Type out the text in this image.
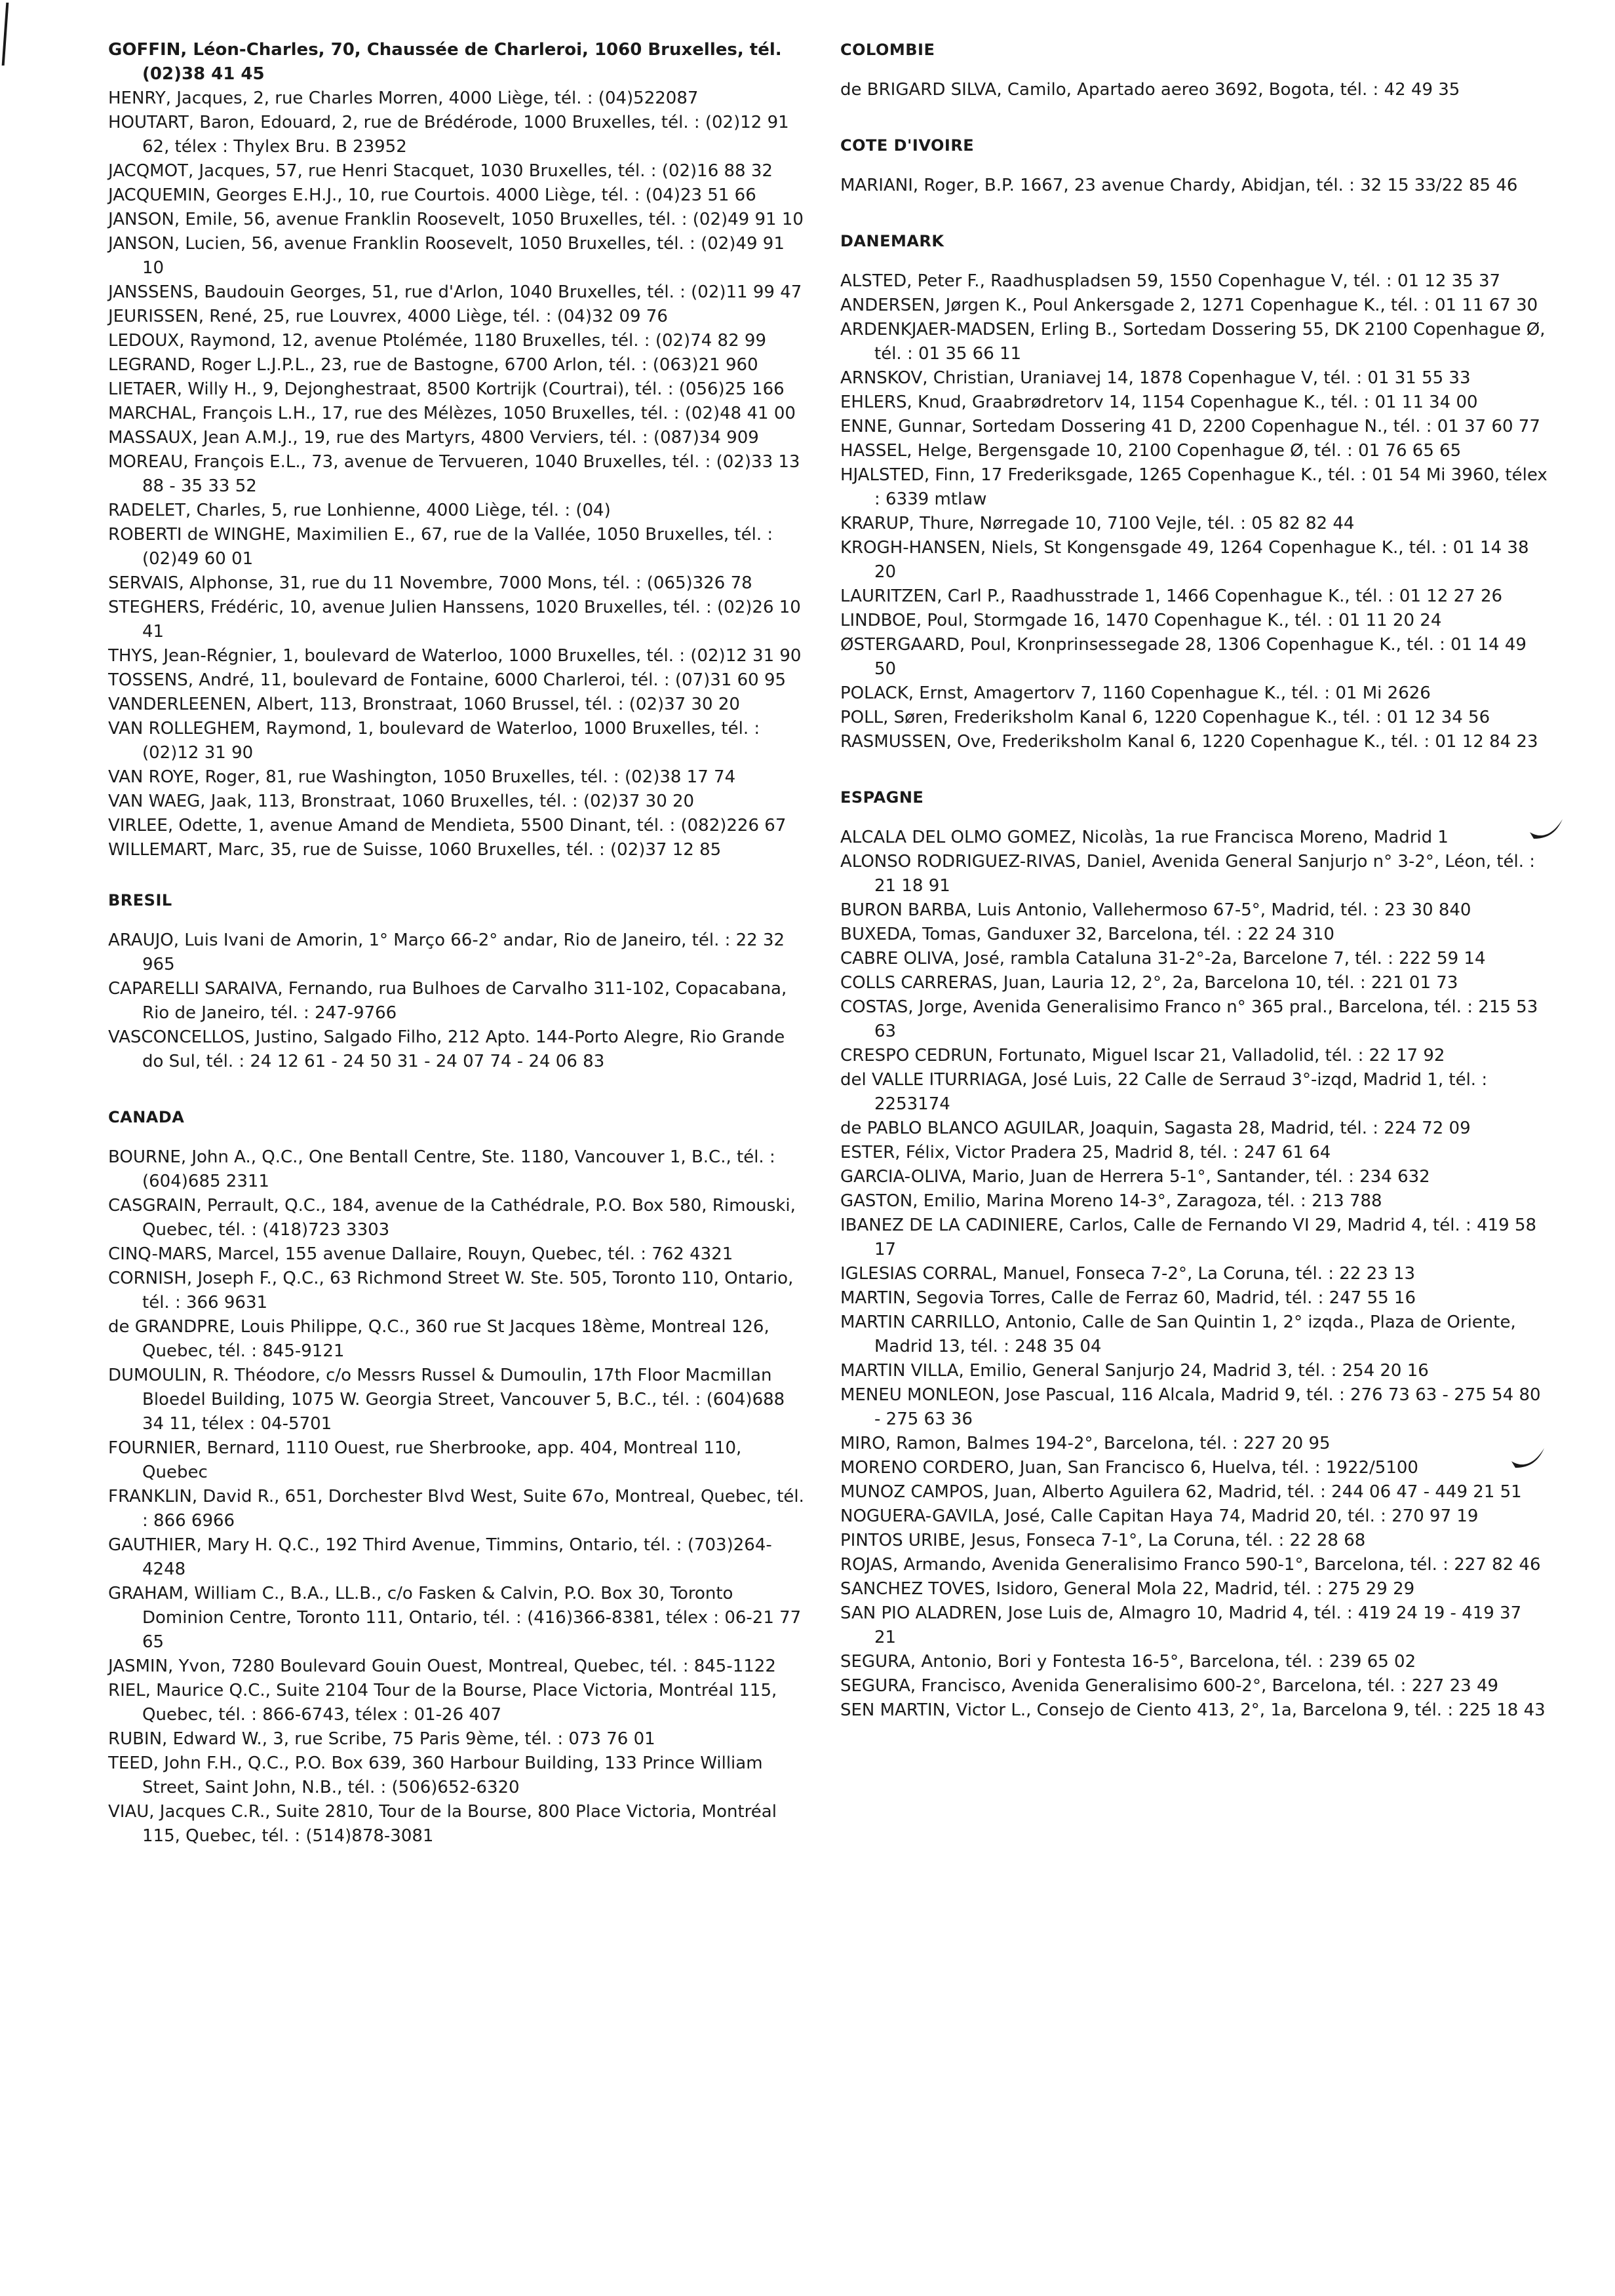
GOFFIN, Léon-Charles, 70, Chaussée de Charleroi, 1060 Bruxelles, tél. (02)38 41 45
HENRY, Jacques, 2, rue Charles Morren, 4000 Liège, tél. : (04)522087
HOUTART, Baron, Edouard, 2, rue de Brédérode, 1000 Bruxelles, tél. : (02)12 91 62, télex : Thylex Bru. B 23952
JACQMOT, Jacques, 57, rue Henri Stacquet, 1030 Bruxelles, tél. : (02)16 88 32
JACQUEMIN, Georges E.H.J., 10, rue Courtois. 4000 Liège, tél. : (04)23 51 66
JANSON, Emile, 56, avenue Franklin Roosevelt, 1050 Bruxelles, tél. : (02)49 91 10
JANSON, Lucien, 56, avenue Franklin Roosevelt, 1050 Bruxelles, tél. : (02)49 91 10
JANSSENS, Baudouin Georges, 51, rue d'Arlon, 1040 Bruxelles, tél. : (02)11 99 47
JEURISSEN, René, 25, rue Louvrex, 4000 Liège, tél. : (04)32 09 76
LEDOUX, Raymond, 12, avenue Ptolémée, 1180 Bruxelles, tél. : (02)74 82 99
LEGRAND, Roger L.J.P.L., 23, rue de Bastogne, 6700 Arlon, tél. : (063)21 960
LIETAER, Willy H., 9, Dejonghestraat, 8500 Kortrijk (Courtrai), tél. : (056)25 166
MARCHAL, François L.H., 17, rue des Mélèzes, 1050 Bruxelles, tél. : (02)48 41 00
MASSAUX, Jean A.M.J., 19, rue des Martyrs, 4800 Verviers, tél. : (087)34 909
MOREAU, François E.L., 73, avenue de Tervueren, 1040 Bruxelles, tél. : (02)33 13 88 - 35 33 52
RADELET, Charles, 5, rue Lonhienne, 4000 Liège, tél. : (04)
ROBERTI de WINGHE, Maximilien E., 67, rue de la Vallée, 1050 Bruxelles, tél. : (02)49 60 01
SERVAIS, Alphonse, 31, rue du 11 Novembre, 7000 Mons, tél. : (065)326 78
STEGHERS, Frédéric, 10, avenue Julien Hanssens, 1020 Bruxelles, tél. : (02)26 10 41
THYS, Jean-Régnier, 1, boulevard de Waterloo, 1000 Bruxelles, tél. : (02)12 31 90
TOSSENS, André, 11, boulevard de Fontaine, 6000 Charleroi, tél. : (07)31 60 95
VANDERLEENEN, Albert, 113, Bronstraat, 1060 Brussel, tél. : (02)37 30 20
VAN ROLLEGHEM, Raymond, 1, boulevard de Waterloo, 1000 Bruxelles, tél. : (02)12 31 90
VAN ROYE, Roger, 81, rue Washington, 1050 Bruxelles, tél. : (02)38 17 74
VAN WAEG, Jaak, 113, Bronstraat, 1060 Bruxelles, tél. : (02)37 30 20
VIRLEE, Odette, 1, avenue Amand de Mendieta, 5500 Dinant, tél. : (082)226 67
WILLEMART, Marc, 35, rue de Suisse, 1060 Bruxelles, tél. : (02)37 12 85
BRESIL
ARAUJO, Luis Ivani de Amorin, 1° Março 66-2° andar, Rio de Janeiro, tél. : 22 32 965
CAPARELLI SARAIVA, Fernando, rua Bulhoes de Carvalho 311-102, Copacabana, Rio de Janeiro, tél. : 247-9766
VASCONCELLOS, Justino, Salgado Filho, 212 Apto. 144-Porto Alegre, Rio Grande do Sul, tél. : 24 12 61 - 24 50 31 - 24 07 74 - 24 06 83
CANADA
BOURNE, John A., Q.C., One Bentall Centre, Ste. 1180, Vancouver 1, B.C., tél. : (604)685 2311
CASGRAIN, Perrault, Q.C., 184, avenue de la Cathédrale, P.O. Box 580, Rimouski, Quebec, tél. : (418)723 3303
CINQ-MARS, Marcel, 155 avenue Dallaire, Rouyn, Quebec, tél. : 762 4321
CORNISH, Joseph F., Q.C., 63 Richmond Street W. Ste. 505, Toronto 110, Ontario, tél. : 366 9631
de GRANDPRE, Louis Philippe, Q.C., 360 rue St Jacques 18ème, Montreal 126, Quebec, tél. : 845-9121
DUMOULIN, R. Théodore, c/o Messrs Russel & Dumoulin, 17th Floor Macmillan Bloedel Building, 1075 W. Georgia Street, Vancouver 5, B.C., tél. : (604)688 34 11, télex : 04-5701
FOURNIER, Bernard, 1110 Ouest, rue Sherbrooke, app. 404, Montreal 110, Quebec
FRANKLIN, David R., 651, Dorchester Blvd West, Suite 67o, Montreal, Quebec, tél. : 866 6966
GAUTHIER, Mary H. Q.C., 192 Third Avenue, Timmins, Ontario, tél. : (703)264-4248
GRAHAM, William C., B.A., LL.B., c/o Fasken & Calvin, P.O. Box 30, Toronto Dominion Centre, Toronto 111, Ontario, tél. : (416)366-8381, télex : 06-21 77 65
JASMIN, Yvon, 7280 Boulevard Gouin Ouest, Montreal, Quebec, tél. : 845-1122
RIEL, Maurice Q.C., Suite 2104 Tour de la Bourse, Place Victoria, Montréal 115, Quebec, tél. : 866-6743, télex : 01-26 407
RUBIN, Edward W., 3, rue Scribe, 75 Paris 9ème, tél. : 073 76 01
TEED, John F.H., Q.C., P.O. Box 639, 360 Harbour Building, 133 Prince William Street, Saint John, N.B., tél. : (506)652-6320
VIAU, Jacques C.R., Suite 2810, Tour de la Bourse, 800 Place Victoria, Montréal 115, Quebec, tél. : (514)878-3081
COLOMBIE
de BRIGARD SILVA, Camilo, Apartado aereo 3692, Bogota, tél. : 42 49 35
COTE D'IVOIRE
MARIANI, Roger, B.P. 1667, 23 avenue Chardy, Abidjan, tél. : 32 15 33/22 85 46
DANEMARK
ALSTED, Peter F., Raadhuspladsen 59, 1550 Copenhague V, tél. : 01 12 35 37
ANDERSEN, Jørgen K., Poul Ankersgade 2, 1271 Copenhague K., tél. : 01 11 67 30
ARDENKJAER-MADSEN, Erling B., Sortedam Dossering 55, DK 2100 Copenhague Ø, tél. : 01 35 66 11
ARNSKOV, Christian, Uraniavej 14, 1878 Copenhague V, tél. : 01 31 55 33
EHLERS, Knud, Graabrødretorv 14, 1154 Copenhague K., tél. : 01 11 34 00
ENNE, Gunnar, Sortedam Dossering 41 D, 2200 Copenhague N., tél. : 01 37 60 77
HASSEL, Helge, Bergensgade 10, 2100 Copenhague Ø, tél. : 01 76 65 65
HJALSTED, Finn, 17 Frederiksgade, 1265 Copenhague K., tél. : 01 54 Mi 3960, télex : 6339 mtlaw
KRARUP, Thure, Nørregade 10, 7100 Vejle, tél. : 05 82 82 44
KROGH-HANSEN, Niels, St Kongensgade 49, 1264 Copenhague K., tél. : 01 14 38 20
LAURITZEN, Carl P., Raadhusstrade 1, 1466 Copenhague K., tél. : 01 12 27 26
LINDBOE, Poul, Stormgade 16, 1470 Copenhague K., tél. : 01 11 20 24
ØSTERGAARD, Poul, Kronprinsessegade 28, 1306 Copenhague K., tél. : 01 14 49 50
POLACK, Ernst, Amagertorv 7, 1160 Copenhague K., tél. : 01 Mi 2626
POLL, Søren, Frederiksholm Kanal 6, 1220 Copenhague K., tél. : 01 12 34 56
RASMUSSEN, Ove, Frederiksholm Kanal 6, 1220 Copenhague K., tél. : 01 12 84 23
ESPAGNE
ALCALA DEL OLMO GOMEZ, Nicolàs, 1a rue Francisca Moreno, Madrid 1
ALONSO RODRIGUEZ-RIVAS, Daniel, Avenida General Sanjurjo n° 3-2°, Léon, tél. : 21 18 91
BURON BARBA, Luis Antonio, Vallehermoso 67-5°, Madrid, tél. : 23 30 840
BUXEDA, Tomas, Ganduxer 32, Barcelona, tél. : 22 24 310
CABRE OLIVA, José, rambla Cataluna 31-2°-2a, Barcelone 7, tél. : 222 59 14
COLLS CARRERAS, Juan, Lauria 12, 2°, 2a, Barcelona 10, tél. : 221 01 73
COSTAS, Jorge, Avenida Generalisimo Franco n° 365 pral., Barcelona, tél. : 215 53 63
CRESPO CEDRUN, Fortunato, Miguel Iscar 21, Valladolid, tél. : 22 17 92
del VALLE ITURRIAGA, José Luis, 22 Calle de Serraud 3°-izqd, Madrid 1, tél. : 2253174
de PABLO BLANCO AGUILAR, Joaquin, Sagasta 28, Madrid, tél. : 224 72 09
ESTER, Félix, Victor Pradera 25, Madrid 8, tél. : 247 61 64
GARCIA-OLIVA, Mario, Juan de Herrera 5-1°, Santander, tél. : 234 632
GASTON, Emilio, Marina Moreno 14-3°, Zaragoza, tél. : 213 788
IBANEZ DE LA CADINIERE, Carlos, Calle de Fernando VI 29, Madrid 4, tél. : 419 58 17
IGLESIAS CORRAL, Manuel, Fonseca 7-2°, La Coruna, tél. : 22 23 13
MARTIN, Segovia Torres, Calle de Ferraz 60, Madrid, tél. : 247 55 16
MARTIN CARRILLO, Antonio, Calle de San Quintin 1, 2° izqda., Plaza de Oriente, Madrid 13, tél. : 248 35 04
MARTIN VILLA, Emilio, General Sanjurjo 24, Madrid 3, tél. : 254 20 16
MENEU MONLEON, Jose Pascual, 116 Alcala, Madrid 9, tél. : 276 73 63 - 275 54 80 - 275 63 36
MIRO, Ramon, Balmes 194-2°, Barcelona, tél. : 227 20 95
MORENO CORDERO, Juan, San Francisco 6, Huelva, tél. : 1922/5100
MUNOZ CAMPOS, Juan, Alberto Aguilera 62, Madrid, tél. : 244 06 47 - 449 21 51
NOGUERA-GAVILA, José, Calle Capitan Haya 74, Madrid 20, tél. : 270 97 19
PINTOS URIBE, Jesus, Fonseca 7-1°, La Coruna, tél. : 22 28 68
ROJAS, Armando, Avenida Generalisimo Franco 590-1°, Barcelona, tél. : 227 82 46
SANCHEZ TOVES, Isidoro, General Mola 22, Madrid, tél. : 275 29 29
SAN PIO ALADREN, Jose Luis de, Almagro 10, Madrid 4, tél. : 419 24 19 - 419 37 21
SEGURA, Antonio, Bori y Fontesta 16-5°, Barcelona, tél. : 239 65 02
SEGURA, Francisco, Avenida Generalisimo 600-2°, Barcelona, tél. : 227 23 49
SEN MARTIN, Victor L., Consejo de Ciento 413, 2°, 1a, Barcelona 9, tél. : 225 18 43
